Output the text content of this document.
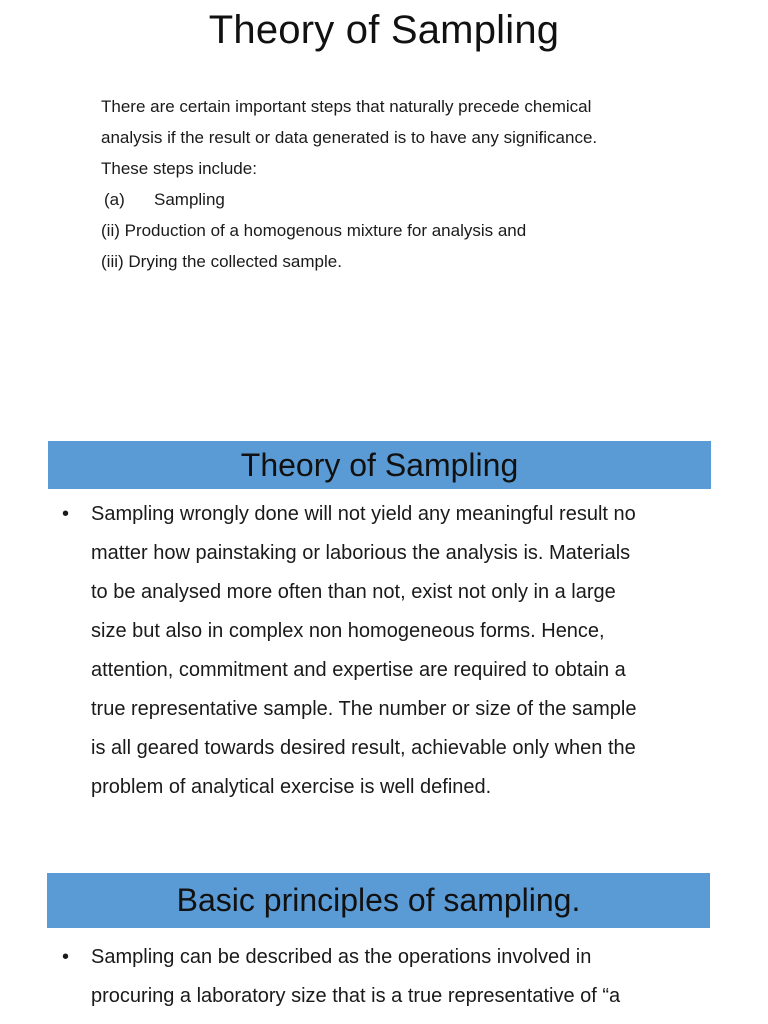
Theory of Sampling

There are certain important steps that naturally precede chemical

analysis if the result or data generated is to have any significance.

These steps include:

(a) Sampling

(ii) Production of a homogenous mixture for analysis and

(iii) Drying the collected sample.

Theory of Sampling
• Sampling wrongly done will not yield any meaningful result no

matter how painstaking or laborious the analysis is. Materials

to be analysed more often than not, exist not only in a large

size but also in complex non homogeneous forms. Hence,

attention, commitment and expertise are required to obtain a

true representative sample. The number or size of the sample

is all geared towards desired result, achievable only when the

problem of analytical exercise is well defined.

Basic principles of sampling.
• Sampling can be described as the operations involved in

procuring a laboratory size that is a true representative of “a
